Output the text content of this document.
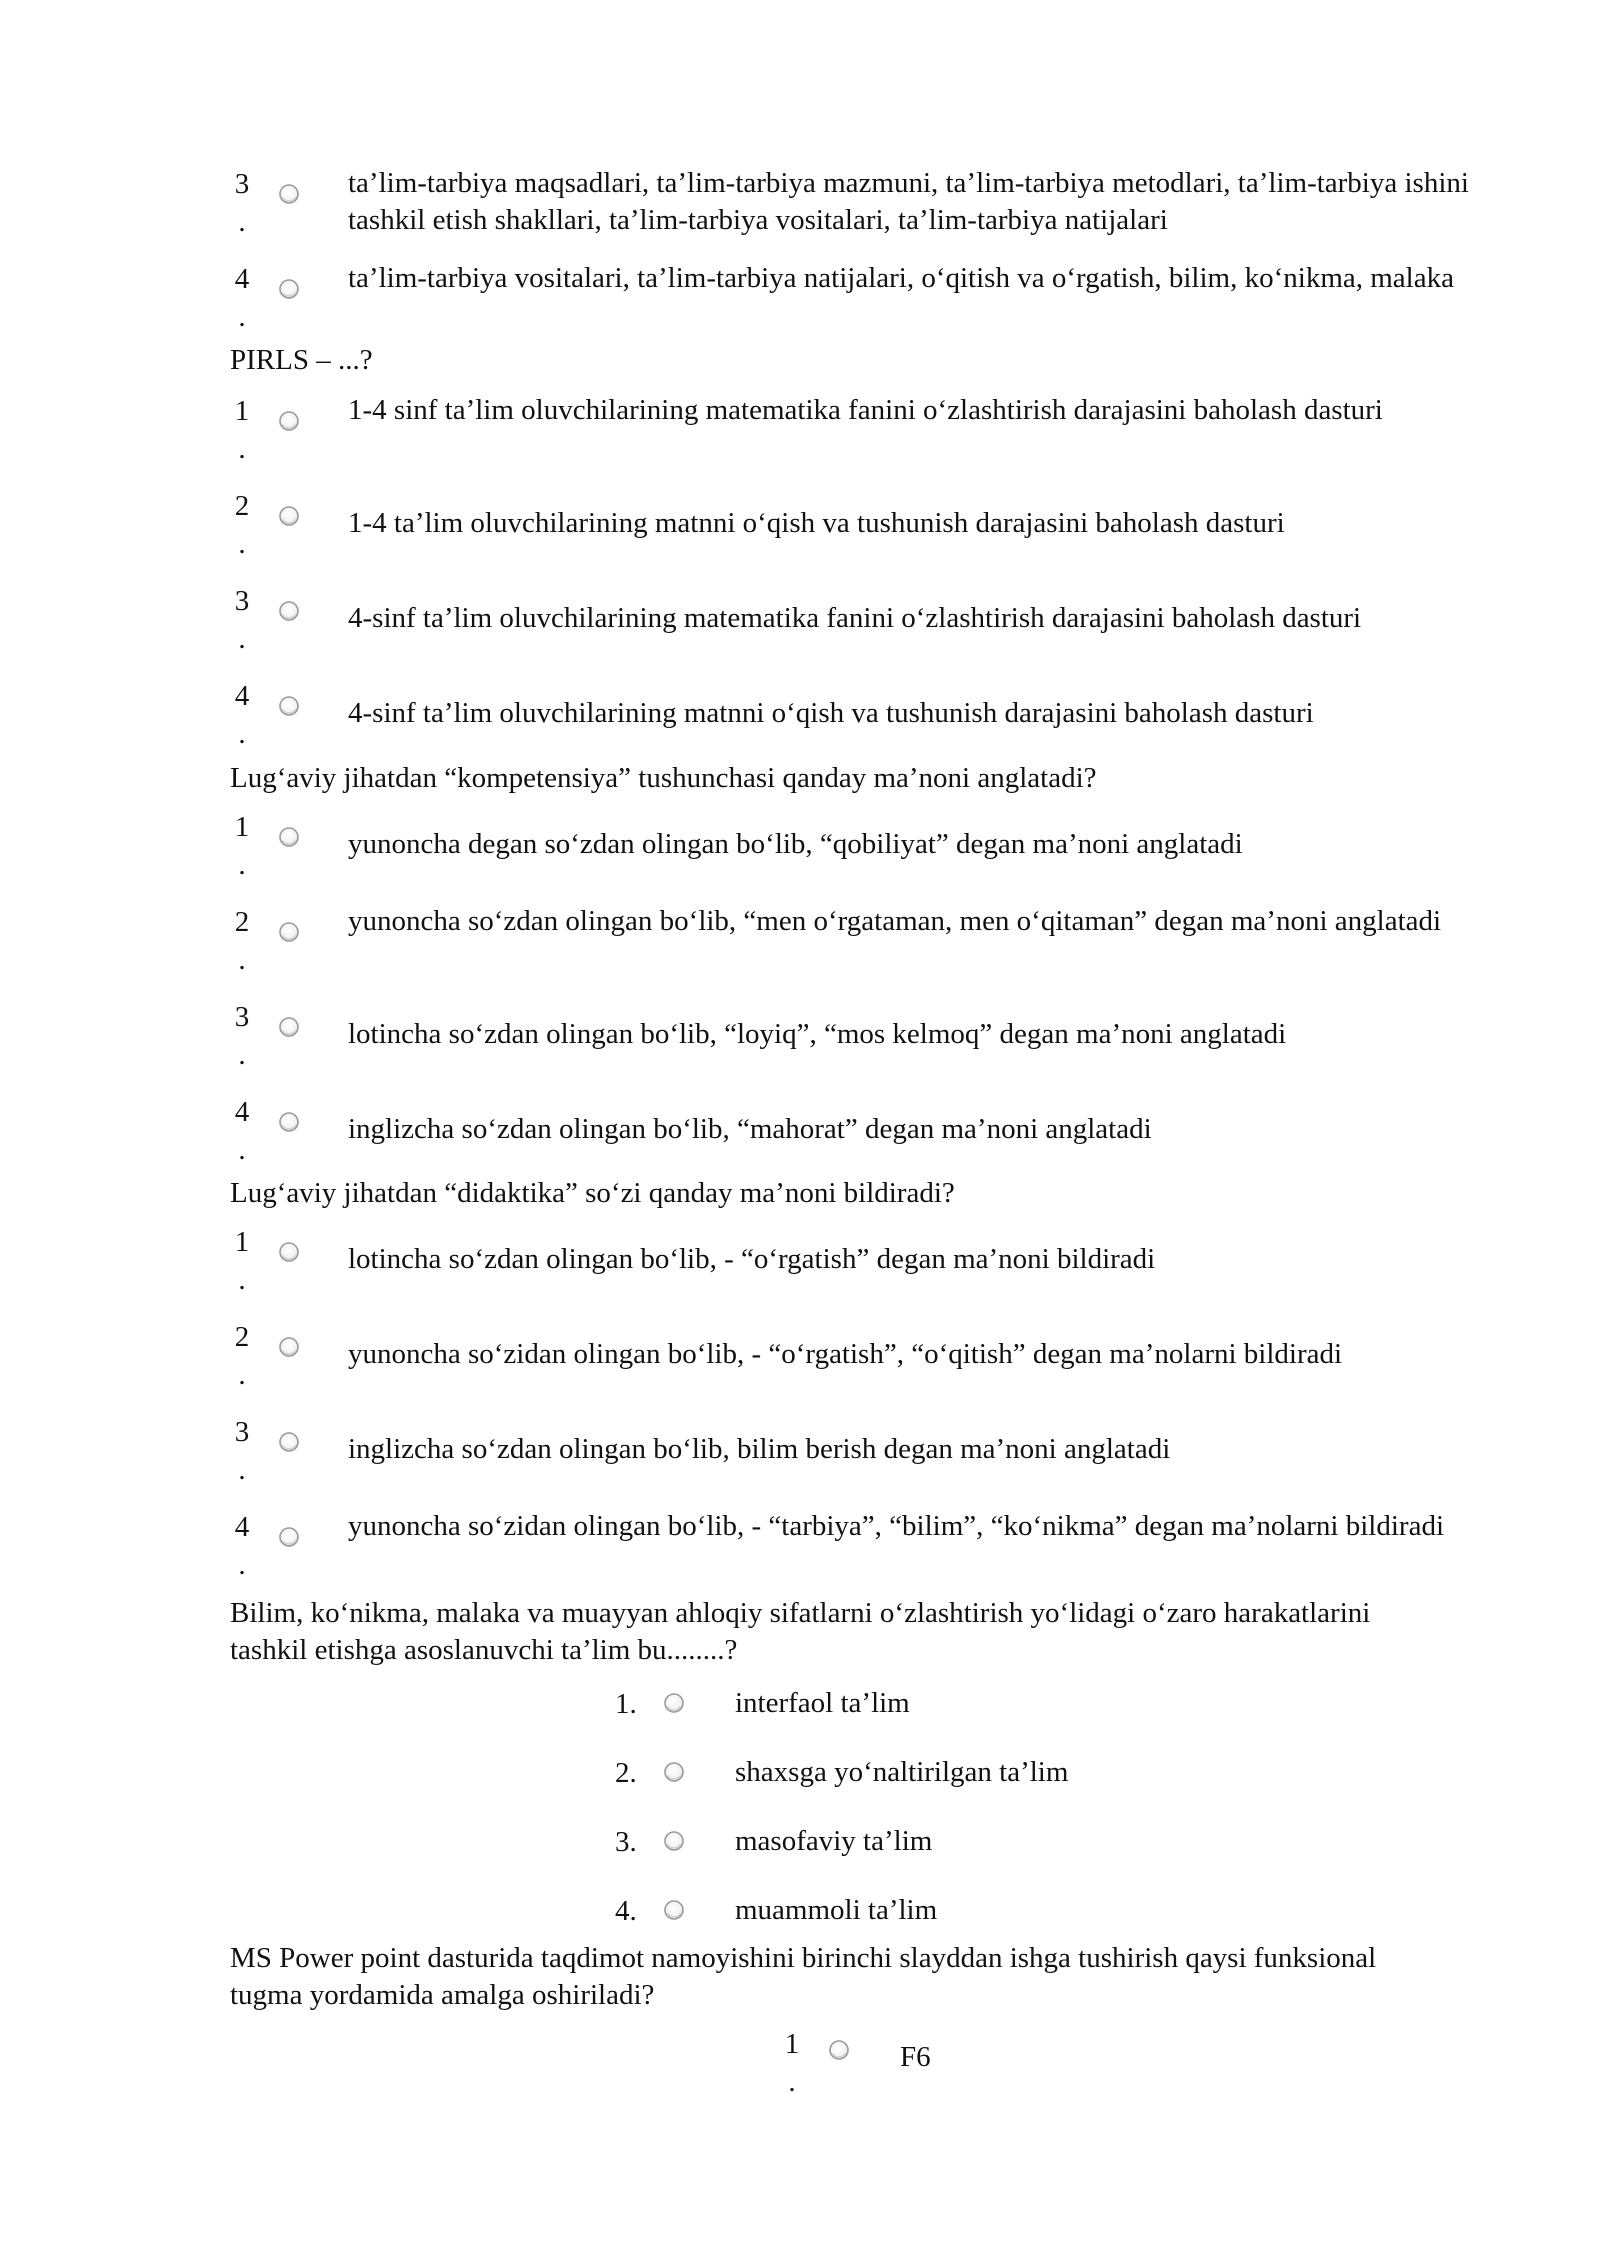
3
.
ta’lim-tarbiya maqsadlari, ta’lim-tarbiya mazmuni, ta’lim-tarbiya metodlari, ta’lim-tarbiya ishini tashkil etish shakllari, ta’lim-tarbiya vositalari, ta’lim-tarbiya natijalari
4
.
ta’lim-tarbiya vositalari, ta’lim-tarbiya natijalari, o‘qitish va o‘rgatish, bilim, ko‘nikma, malaka
PIRLS – ...?
1
.
1-4 sinf ta’lim oluvchilarining matematika fanini o‘zlashtirish darajasini baholash dasturi
2
.
1-4 ta’lim oluvchilarining matnni o‘qish va tushunish darajasini baholash dasturi
3
.
4-sinf ta’lim oluvchilarining matematika fanini o‘zlashtirish darajasini baholash dasturi
4
.
4-sinf ta’lim oluvchilarining matnni o‘qish va tushunish darajasini baholash dasturi
Lug‘aviy jihatdan “kompetensiya” tushunchasi qanday ma’noni anglatadi?
1
.
yunoncha degan so‘zdan olingan bo‘lib, “qobiliyat” degan ma’noni anglatadi
2
.
yunoncha so‘zdan olingan bo‘lib, “men o‘rgataman, men o‘qitaman” degan ma’noni anglatadi
3
.
lotincha so‘zdan olingan bo‘lib, “loyiq”, “mos kelmoq” degan ma’noni anglatadi
4
.
inglizcha so‘zdan olingan bo‘lib, “mahorat” degan ma’noni anglatadi
Lug‘aviy jihatdan “didaktika” so‘zi qanday ma’noni bildiradi?
1
.
lotincha so‘zdan olingan bo‘lib, - “o‘rgatish” degan ma’noni bildiradi
2
.
yunoncha so‘zidan olingan bo‘lib, - “o‘rgatish”, “o‘qitish” degan ma’nolarni bildiradi
3
.
inglizcha so‘zdan olingan bo‘lib, bilim berish degan ma’noni anglatadi
4
.
yunoncha so‘zidan olingan bo‘lib, - “tarbiya”, “bilim”, “ko‘nikma” degan ma’nolarni bildiradi
Bilim, ko‘nikma, malaka va muayyan ahloqiy sifatlarni o‘zlashtirish yo‘lidagi o‘zaro harakatlarini tashkil etishga asoslanuvchi ta’lim bu........?
1.	interfaol ta’lim
2.	shaxsga yo‘naltirilgan ta’lim
3.	masofaviy ta’lim
4.	muammoli ta’lim
MS Power point dasturida taqdimot namoyishini birinchi slayddan ishga tushirish qaysi funksional tugma yordamida amalga oshiriladi?
1
.
F6
